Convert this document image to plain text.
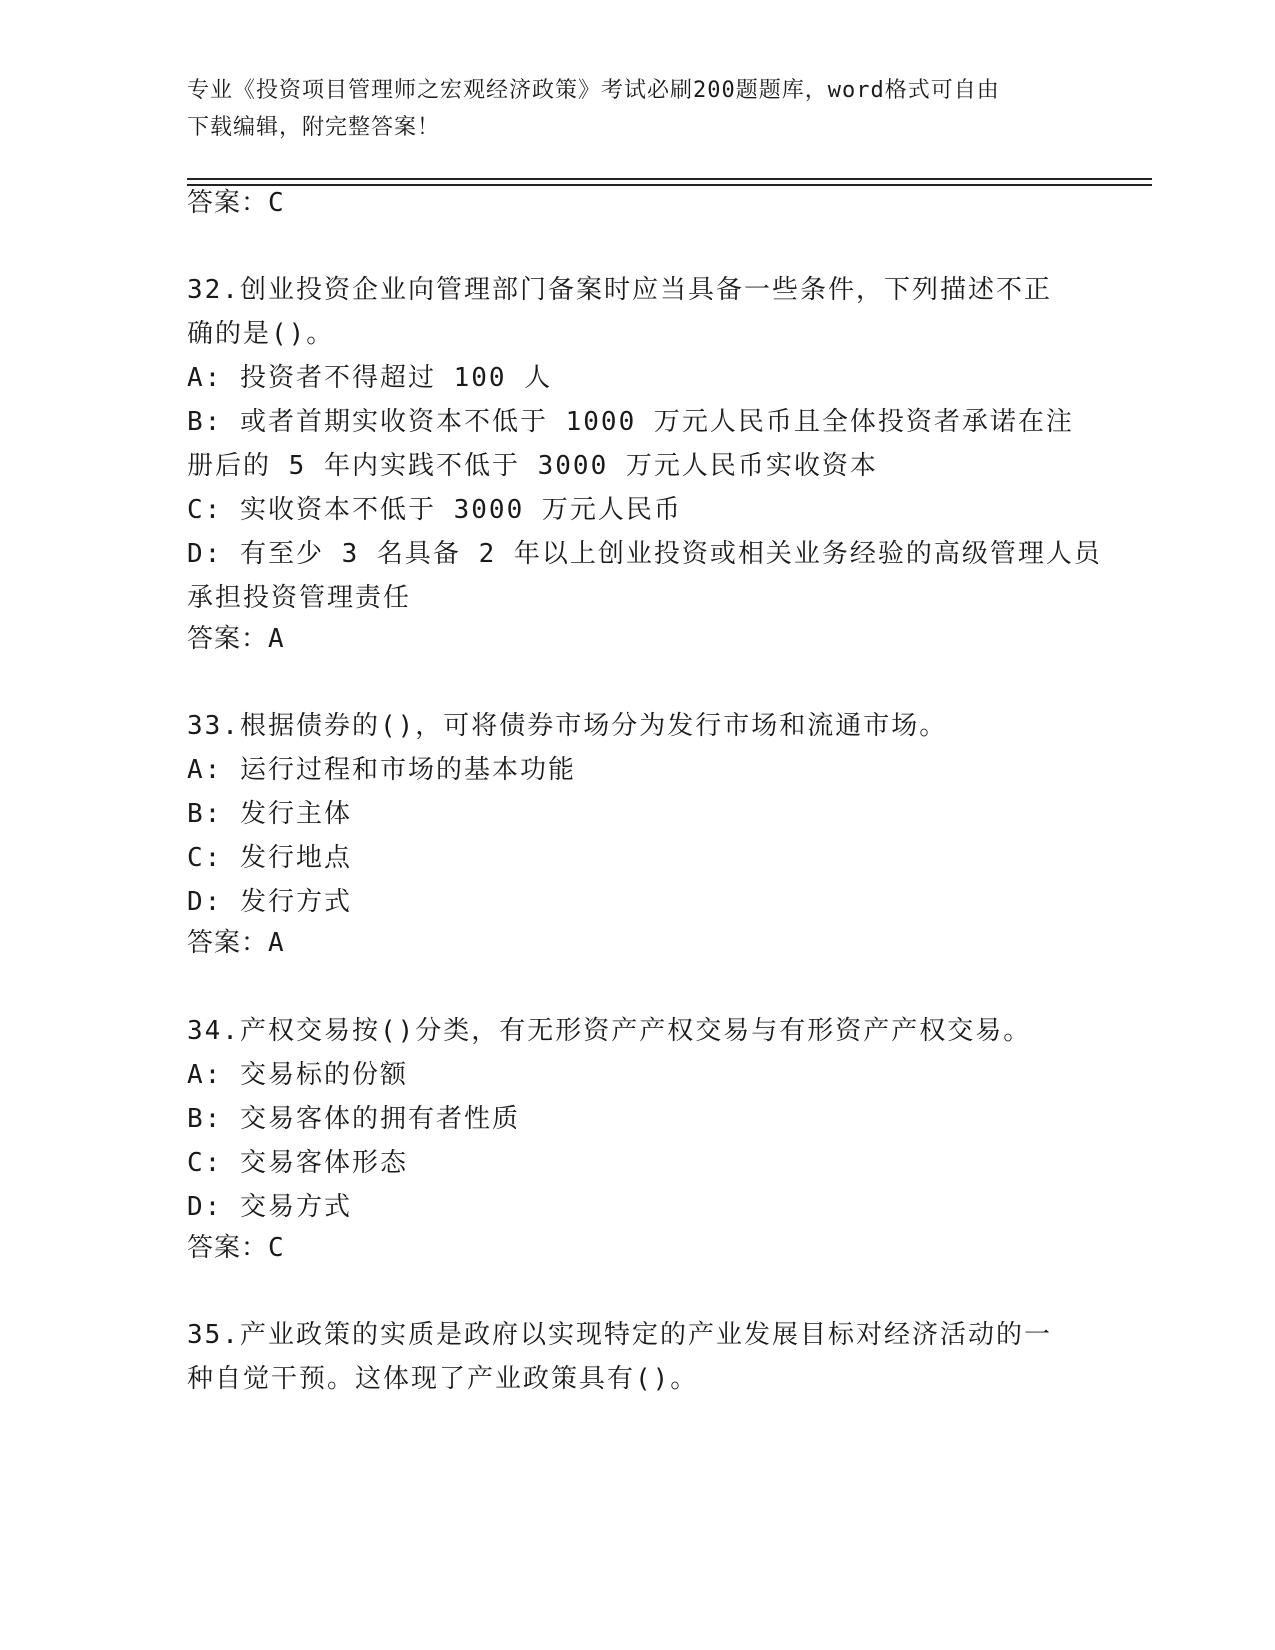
专业《投资项目管理师之宏观经济政策》考试必刷200题题库，word格式可自由
下载编辑，附完整答案！
答案：C
32.创业投资企业向管理部门备案时应当具备一些条件，下列描述不正
确的是()。
A: 投资者不得超过 100 人
B: 或者首期实收资本不低于 1000 万元人民币且全体投资者承诺在注
册后的 5 年内实践不低于 3000 万元人民币实收资本
C: 实收资本不低于 3000 万元人民币
D: 有至少 3 名具备 2 年以上创业投资或相关业务经验的高级管理人员
承担投资管理责任
答案：A
33.根据债券的()，可将债券市场分为发行市场和流通市场。
A: 运行过程和市场的基本功能
B: 发行主体
C: 发行地点
D: 发行方式
答案：A
34.产权交易按()分类，有无形资产产权交易与有形资产产权交易。
A: 交易标的份额
B: 交易客体的拥有者性质
C: 交易客体形态
D: 交易方式
答案：C
35.产业政策的实质是政府以实现特定的产业发展目标对经济活动的一
种自觉干预。这体现了产业政策具有()。
